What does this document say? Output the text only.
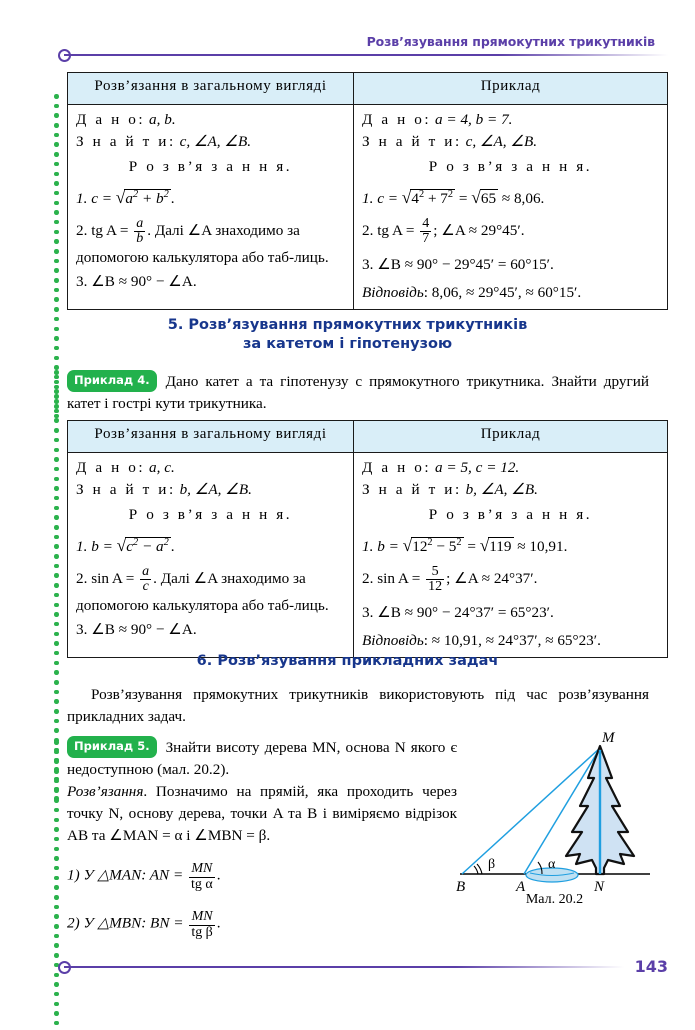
Розв’язування прямокутних трикутників
Розв’язання в загальному вигляді	Приклад

Д а н о: a, b.
З н а й т и: c, ∠A, ∠B.
Р о з в’я з а н н я.
1. $c = √a^2 + b^2$ .
2. tg $A = \frac{a}{b}$ . Далі ∠A знаходимо за допомогою калькулятора або таб-лиць.
3. ∠B ≈ 90° − ∠A.

Д а н о: a = 4, b = 7.
З н а й т и: c, ∠A, ∠B.
Р о з в’я з а н н я.
1. $c = √4^2 + 7^2 = √65 \approx 8,06$.
2. tg $A = \frac{4}{7}$ ; ∠A ≈ 29°45′.
3. ∠B ≈ 90° − 29°45′ = 60°15′.
Відповідь: 8,06, ≈ 29°45′, ≈ 60°15′.
5. Розв’язування прямокутних трикутників
за катетом і гіпотенузою
Приклад 4. Дано катет a та гіпотенузу c прямокутного трикутника. Знайти другий катет і гострі кути трикутника.
Розв’язання в загальному вигляді	Приклад

Д а н о: a, c.
З н а й т и: b, ∠A, ∠B.
Р о з в’я з а н н я.
1. $b = √c^2 - a^2$ .
2. $\sin A = \frac{a}{c}$ . Далі ∠A знаходимо за допомогою калькулятора або таб-лиць.
3. ∠B ≈ 90° − ∠A.

Д а н о: a = 5, c = 12.
З н а й т и: b, ∠A, ∠B.
Р о з в’я з а н н я.
1. $b = √12^2 - 5^2 = √119 \approx 10,91$.
2. $\sin A = \frac{5}{12}$ ; ∠A ≈ 24°37′.
3. ∠B ≈ 90° − 24°37′ = 65°23′.
Відповідь: ≈ 10,91, ≈ 24°37′, ≈ 65°23′.
6. Розв’язування прикладних задач
Розв’язування прямокутних трикутників використовують під час розв’язування прикладних задач.
Приклад 5. Знайти висоту дерева MN, основа N якого є недоступною (мал. 20.2).
Розв’язання. Позначимо на прямій, яка проходить через точку N, основу дерева, точки A та B і виміряємо відрізок AB та ∠MAN = α і ∠MBN = β.
1) У △MAN: AN = $\frac{MN}{\text{tg α}}$ .
2) У △MBN: BN = $\frac{MN}{\text{tg β}}$ .
M
N
A
B
β	α
Мал. 20.2
143
